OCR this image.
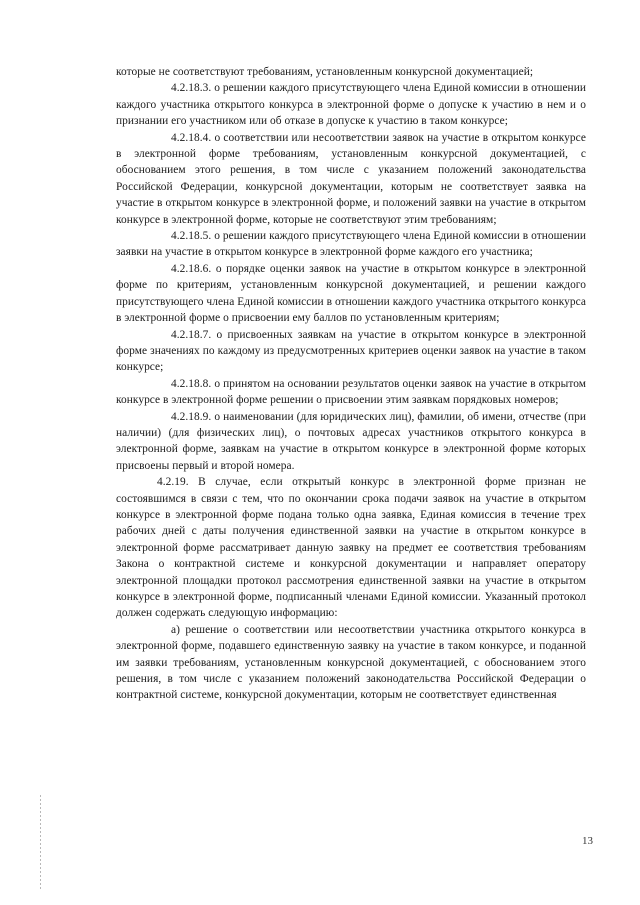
которые не соответствуют требованиям, установленным конкурсной документацией;

4.2.18.3. о решении каждого присутствующего члена Единой комиссии в отношении каждого участника открытого конкурса в электронной форме о допуске к участию в нем и о признании его участником или об отказе в допуске к участию в таком конкурсе;

4.2.18.4. о соответствии или несоответствии заявок на участие в открытом конкурсе в электронной форме требованиям, установленным конкурсной документацией, с обоснованием этого решения, в том числе с указанием положений законодательства Российской Федерации, конкурсной документации, которым не соответствует заявка на участие в открытом конкурсе в электронной форме, и положений заявки на участие в открытом конкурсе в электронной форме, которые не соответствуют этим требованиям;

4.2.18.5. о решении каждого присутствующего члена Единой комиссии в отношении заявки на участие в открытом конкурсе в электронной форме каждого его участника;

4.2.18.6. о порядке оценки заявок на участие в открытом конкурсе в электронной форме по критериям, установленным конкурсной документацией, и решении каждого присутствующего члена Единой комиссии в отношении каждого участника открытого конкурса в электронной форме о присвоении ему баллов по установленным критериям;

4.2.18.7. о присвоенных заявкам на участие в открытом конкурсе в электронной форме значениях по каждому из предусмотренных критериев оценки заявок на участие в таком конкурсе;

4.2.18.8. о принятом на основании результатов оценки заявок на участие в открытом конкурсе в электронной форме решении о присвоении этим заявкам порядковых номеров;

4.2.18.9. о наименовании (для юридических лиц), фамилии, об имени, отчестве (при наличии) (для физических лиц), о почтовых адресах участников открытого конкурса в электронной форме, заявкам на участие в открытом конкурсе в электронной форме которых присвоены первый и второй номера.

4.2.19. В случае, если открытый конкурс в электронной форме признан не состоявшимся в связи с тем, что по окончании срока подачи заявок на участие в открытом конкурсе в электронной форме подана только одна заявка, Единая комиссия в течение трех рабочих дней с даты получения единственной заявки на участие в открытом конкурсе в электронной форме рассматривает данную заявку на предмет ее соответствия требованиям Закона о контрактной системе и конкурсной документации и направляет оператору электронной площадки протокол рассмотрения единственной заявки на участие в открытом конкурсе в электронной форме, подписанный членами Единой комиссии. Указанный протокол должен содержать следующую информацию:

а) решение о соответствии или несоответствии участника открытого конкурса в электронной форме, подавшего единственную заявку на участие в таком конкурсе, и поданной им заявки требованиям, установленным конкурсной документацией, с обоснованием этого решения, в том числе с указанием положений законодательства Российской Федерации о контрактной системе, конкурсной документации, которым не соответствует единственная

13
